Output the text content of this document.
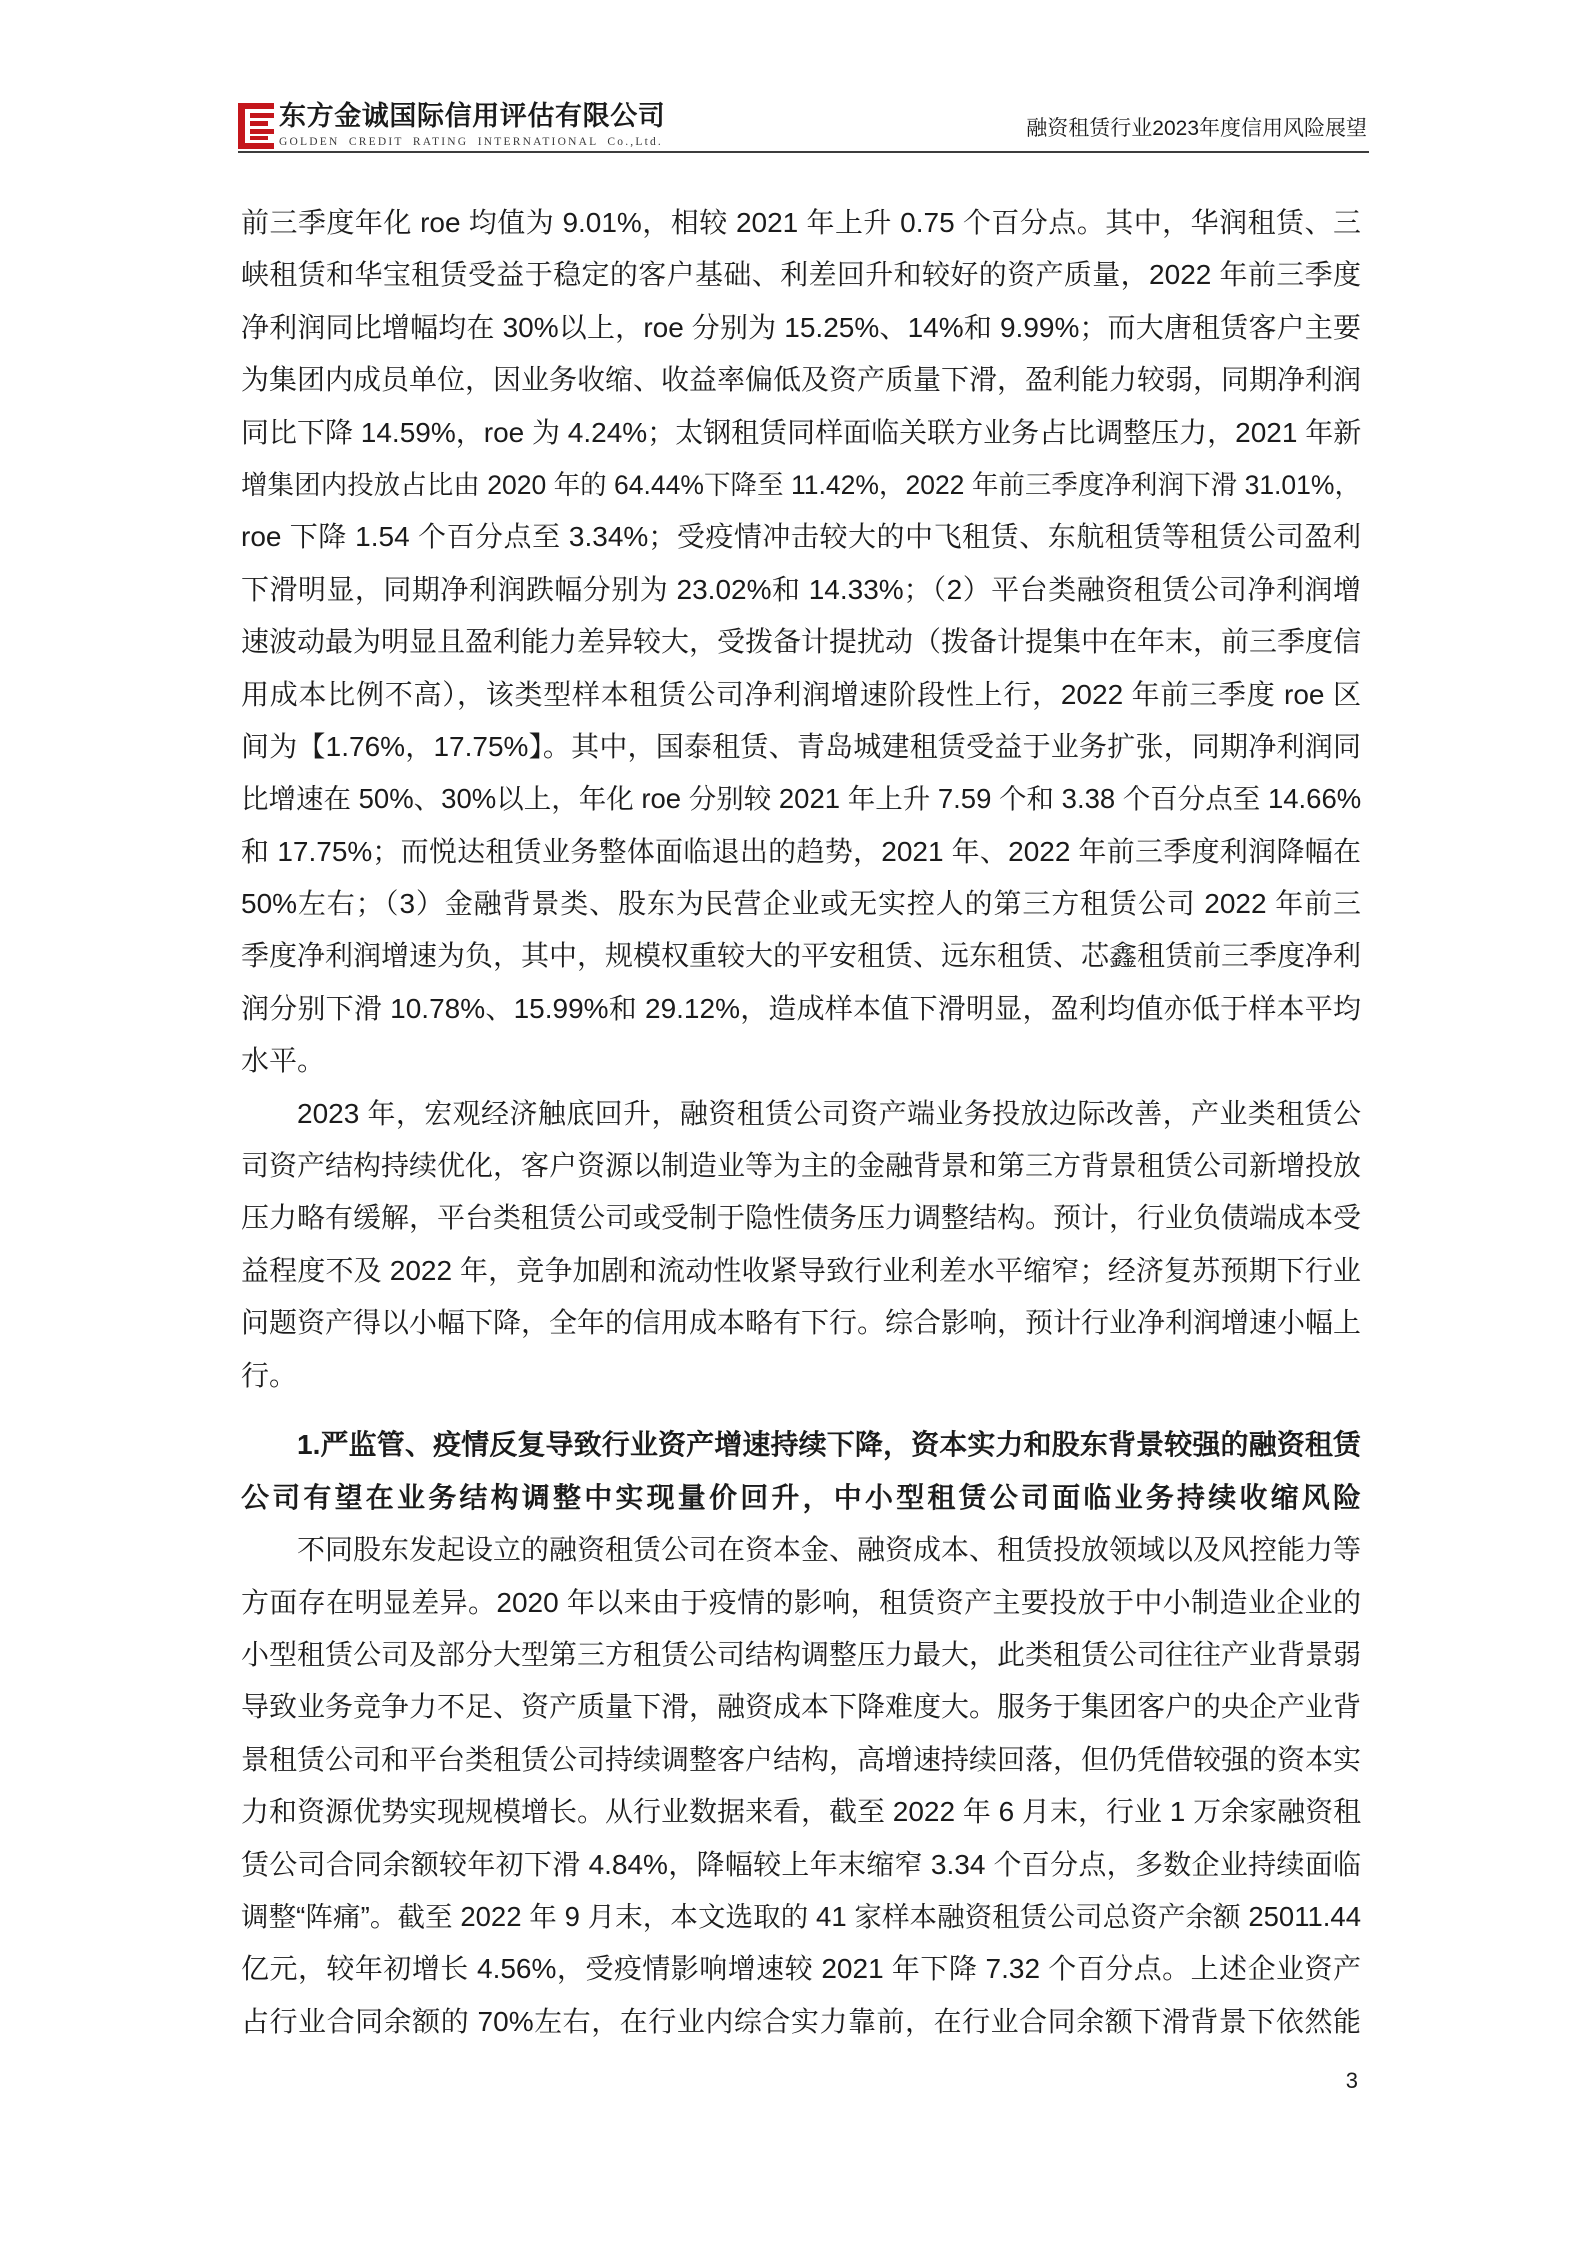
东方金诚国际信用评估有限公司
GOLDEN CREDIT RATING INTERNATIONAL Co.,Ltd.
融资租赁行业2023年度信用风险展望
前三季度年化 roe 均值为 9.01%，相较 2021 年上升 0.75 个百分点。其中，华润租赁、三
峡租赁和华宝租赁受益于稳定的客户基础、利差回升和较好的资产质量，2022 年前三季度
净利润同比增幅均在 30%以上，roe 分别为 15.25%、14%和 9.99%；而大唐租赁客户主要
为集团内成员单位，因业务收缩、收益率偏低及资产质量下滑，盈利能力较弱，同期净利润
同比下降 14.59%，roe 为 4.24%；太钢租赁同样面临关联方业务占比调整压力，2021 年新
增集团内投放占比由 2020 年的 64.44%下降至 11.42%，2022 年前三季度净利润下滑 31.01%，
roe 下降 1.54 个百分点至 3.34%；受疫情冲击较大的中飞租赁、东航租赁等租赁公司盈利
下滑明显，同期净利润跌幅分别为 23.02%和 14.33%；（2）平台类融资租赁公司净利润增
速波动最为明显且盈利能力差异较大，受拨备计提扰动（拨备计提集中在年末，前三季度信
用成本比例不高），该类型样本租赁公司净利润增速阶段性上行，2022 年前三季度 roe 区
间为【1.76%，17.75%】。其中，国泰租赁、青岛城建租赁受益于业务扩张，同期净利润同
比增速在 50%、30%以上，年化 roe 分别较 2021 年上升 7.59 个和 3.38 个百分点至 14.66%
和 17.75%；而悦达租赁业务整体面临退出的趋势，2021 年、2022 年前三季度利润降幅在
50%左右；（3）金融背景类、股东为民营企业或无实控人的第三方租赁公司 2022 年前三
季度净利润增速为负，其中，规模权重较大的平安租赁、远东租赁、芯鑫租赁前三季度净利
润分别下滑 10.78%、15.99%和 29.12%，造成样本值下滑明显，盈利均值亦低于样本平均
水平。
2023 年，宏观经济触底回升，融资租赁公司资产端业务投放边际改善，产业类租赁公
司资产结构持续优化，客户资源以制造业等为主的金融背景和第三方背景租赁公司新增投放
压力略有缓解，平台类租赁公司或受制于隐性债务压力调整结构。预计，行业负债端成本受
益程度不及 2022 年，竞争加剧和流动性收紧导致行业利差水平缩窄；经济复苏预期下行业
问题资产得以小幅下降，全年的信用成本略有下行。综合影响，预计行业净利润增速小幅上
行。
1.严监管、疫情反复导致行业资产增速持续下降，资本实力和股东背景较强的融资租赁
公司有望在业务结构调整中实现量价回升，中小型租赁公司面临业务持续收缩风险
不同股东发起设立的融资租赁公司在资本金、融资成本、租赁投放领域以及风控能力等
方面存在明显差异。2020 年以来由于疫情的影响，租赁资产主要投放于中小制造业企业的
小型租赁公司及部分大型第三方租赁公司结构调整压力最大，此类租赁公司往往产业背景弱
导致业务竞争力不足、资产质量下滑，融资成本下降难度大。服务于集团客户的央企产业背
景租赁公司和平台类租赁公司持续调整客户结构，高增速持续回落，但仍凭借较强的资本实
力和资源优势实现规模增长。从行业数据来看，截至 2022 年 6 月末，行业 1 万余家融资租
赁公司合同余额较年初下滑 4.84%，降幅较上年末缩窄 3.34 个百分点，多数企业持续面临
调整“阵痛”。截至 2022 年 9 月末，本文选取的 41 家样本融资租赁公司总资产余额 25011.44
亿元，较年初增长 4.56%，受疫情影响增速较 2021 年下降 7.32 个百分点。上述企业资产
占行业合同余额的 70%左右，在行业内综合实力靠前，在行业合同余额下滑背景下依然能
3
